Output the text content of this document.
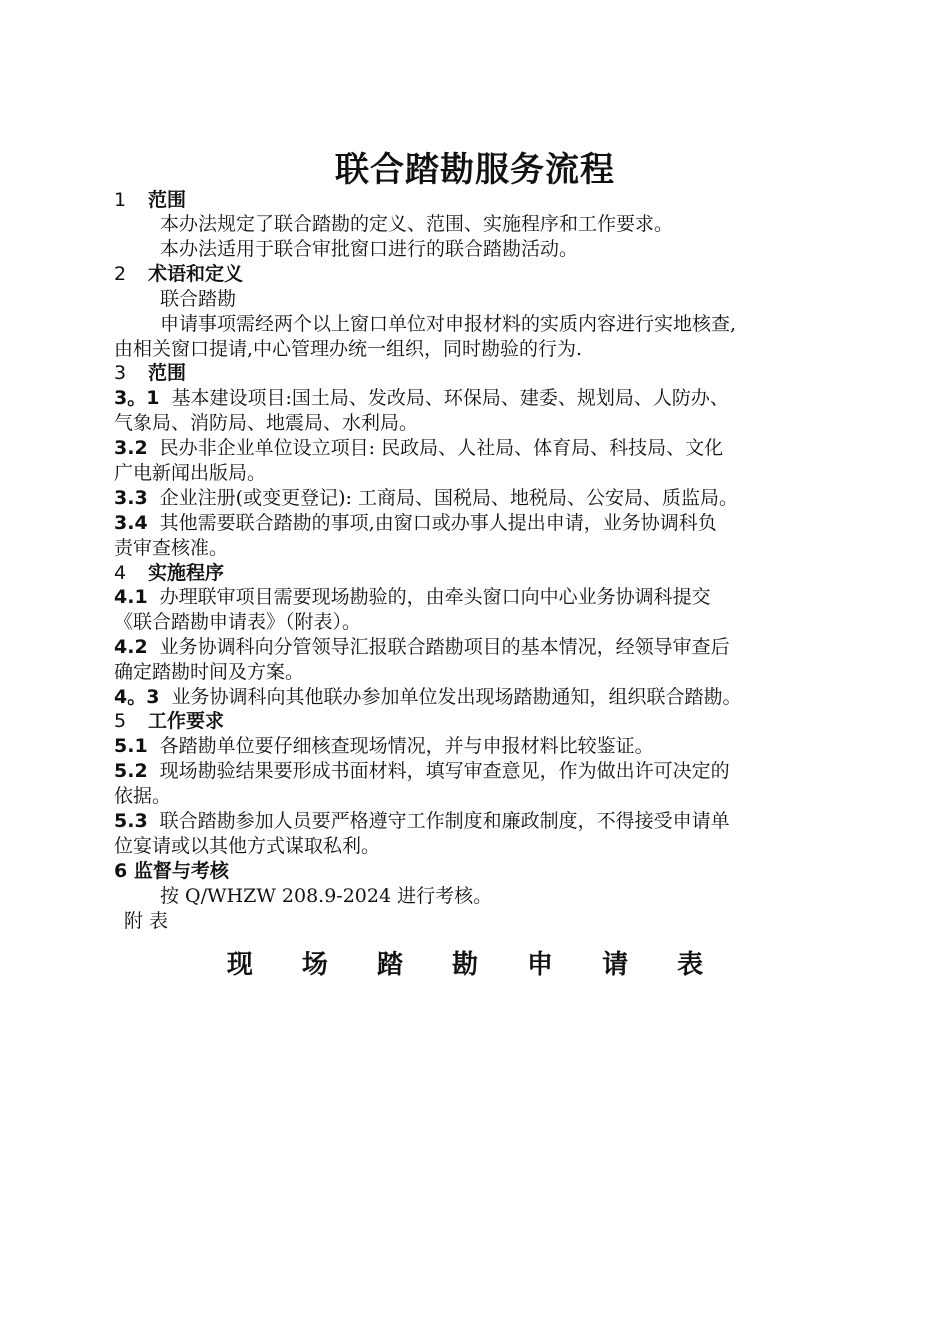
联合踏勘服务流程
1 范围
本办法规定了联合踏勘的定义、范围、实施程序和工作要求。
本办法适用于联合审批窗口进行的联合踏勘活动。
2 术语和定义
联合踏勘
申请事项需经两个以上窗口单位对申报材料的实质内容进行实地核查,
由相关窗口提请,中心管理办统一组织，同时勘验的行为.
3 范围
3。1 基本建设项目:国土局、发改局、环保局、建委、规划局、人防办、
气象局、消防局、地震局、水利局。
3.2 民办非企业单位设立项目: 民政局、人社局、体育局、科技局、文化
广电新闻出版局。
3.3 企业注册(或变更登记): 工商局、国税局、地税局、公安局、质监局。
3.4 其他需要联合踏勘的事项,由窗口或办事人提出申请，业务协调科负
责审查核准。
4 实施程序
4.1 办理联审项目需要现场勘验的，由牵头窗口向中心业务协调科提交
《联合踏勘申请表》（附表）。
4.2 业务协调科向分管领导汇报联合踏勘项目的基本情况，经领导审查后
确定踏勘时间及方案。
4。3 业务协调科向其他联办参加单位发出现场踏勘通知，组织联合踏勘。
5 工作要求
5.1 各踏勘单位要仔细核查现场情况，并与申报材料比较鉴证。
5.2 现场勘验结果要形成书面材料，填写审查意见，作为做出许可决定的
依据。
5.3 联合踏勘参加人员要严格遵守工作制度和廉政制度，不得接受申请单
位宴请或以其他方式谋取私利。
6 监督与考核
按 Q/WHZW 208.9-2024 进行考核。
附 表
现 场 踏 勘 申 请 表
